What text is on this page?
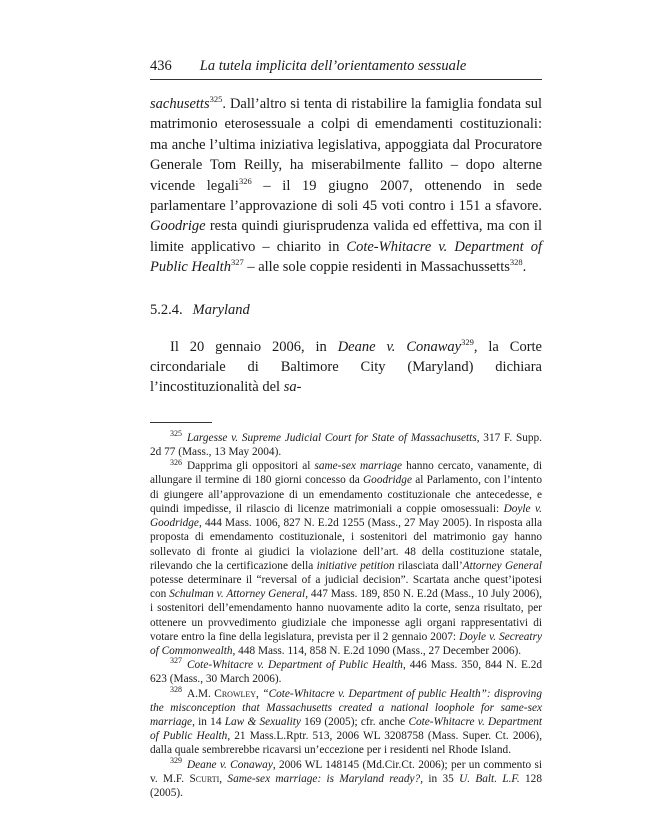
436 La tutela implicita dell’orientamento sessuale

sachusetts$^{325}$. Dall’altro si tenta di ristabilire la famiglia fondata sul matrimonio eterosessuale a colpi di emendamenti costituzionali: ma anche l’ultima iniziativa legislativa, appoggiata dal Procuratore Generale Tom Reilly, ha miserabilmente fallito – dopo alterne vicende legali$^{326}$ – il 19 giugno 2007, ottenendo in sede parlamentare l’approvazione di soli 45 voti contro i 151 a sfavore. Goodrige resta quindi giurisprudenza valida ed effettiva, ma con il limite applicativo – chiarito in Cote-Whitacre v. Department of Public Health$^{327}$ – alle sole coppie residenti in Massachussetts$^{328}$.

5.2.4. Maryland

Il 20 gennaio 2006, in Deane v. Conaway$^{329}$, la Corte circondariale di Baltimore City (Maryland) dichiara l’incostituzionalità del sa-

$^{325}$ Largesse v. Supreme Judicial Court for State of Massachusetts, 317 F. Supp. 2d 77 (Mass., 13 May 2004).

$^{326}$ Dapprima gli oppositori al same-sex marriage hanno cercato, vanamente, di allungare il termine di 180 giorni concesso da Goodridge al Parlamento, con l’intento di giungere all’approvazione di un emendamento costituzionale che antecedesse, e quindi impedisse, il rilascio di licenze matrimoniali a coppie omosessuali: Doyle v. Goodridge, 444 Mass. 1006, 827 N. E.2d 1255 (Mass., 27 May 2005). In risposta alla proposta di emendamento costituzionale, i sostenitori del matrimonio gay hanno sollevato di fronte ai giudici la violazione dell’art. 48 della costituzione statale, rilevando che la certificazione della initiative petition rilasciata dall’Attorney General potesse determinare il “reversal of a judicial decision”. Scartata anche quest’ipotesi con Schulman v. Attorney General, 447 Mass. 189, 850 N. E.2d (Mass., 10 July 2006), i sostenitori dell’emendamento hanno nuovamente adito la corte, senza risultato, per ottenere un provvedimento giudiziale che imponesse agli organi rappresentativi di votare entro la fine della legislatura, prevista per il 2 gennaio 2007: Doyle v. Secreatry of Commonwealth, 448 Mass. 114, 858 N. E.2d 1090 (Mass., 27 December 2006).

$^{327}$ Cote-Whitacre v. Department of Public Health, 446 Mass. 350, 844 N. E.2d 623 (Mass., 30 March 2006).

$^{328}$ A.M. Crowley, “Cote-Whitacre v. Department of public Health”: disproving the misconception that Massachusetts created a national loophole for same-sex marriage, in 14 Law & Sexuality 169 (2005); cfr. anche Cote-Whitacre v. Department of Public Health, 21 Mass.L.Rptr. 513, 2006 WL 3208758 (Mass. Super. Ct. 2006), dalla quale sembrerebbe ricavarsi un’eccezione per i residenti nel Rhode Island.

$^{329}$ Deane v. Conaway, 2006 WL 148145 (Md.Cir.Ct. 2006); per un commento si v. M.F. Scurti, Same-sex marriage: is Maryland ready?, in 35 U. Balt. L.F. 128 (2005).
